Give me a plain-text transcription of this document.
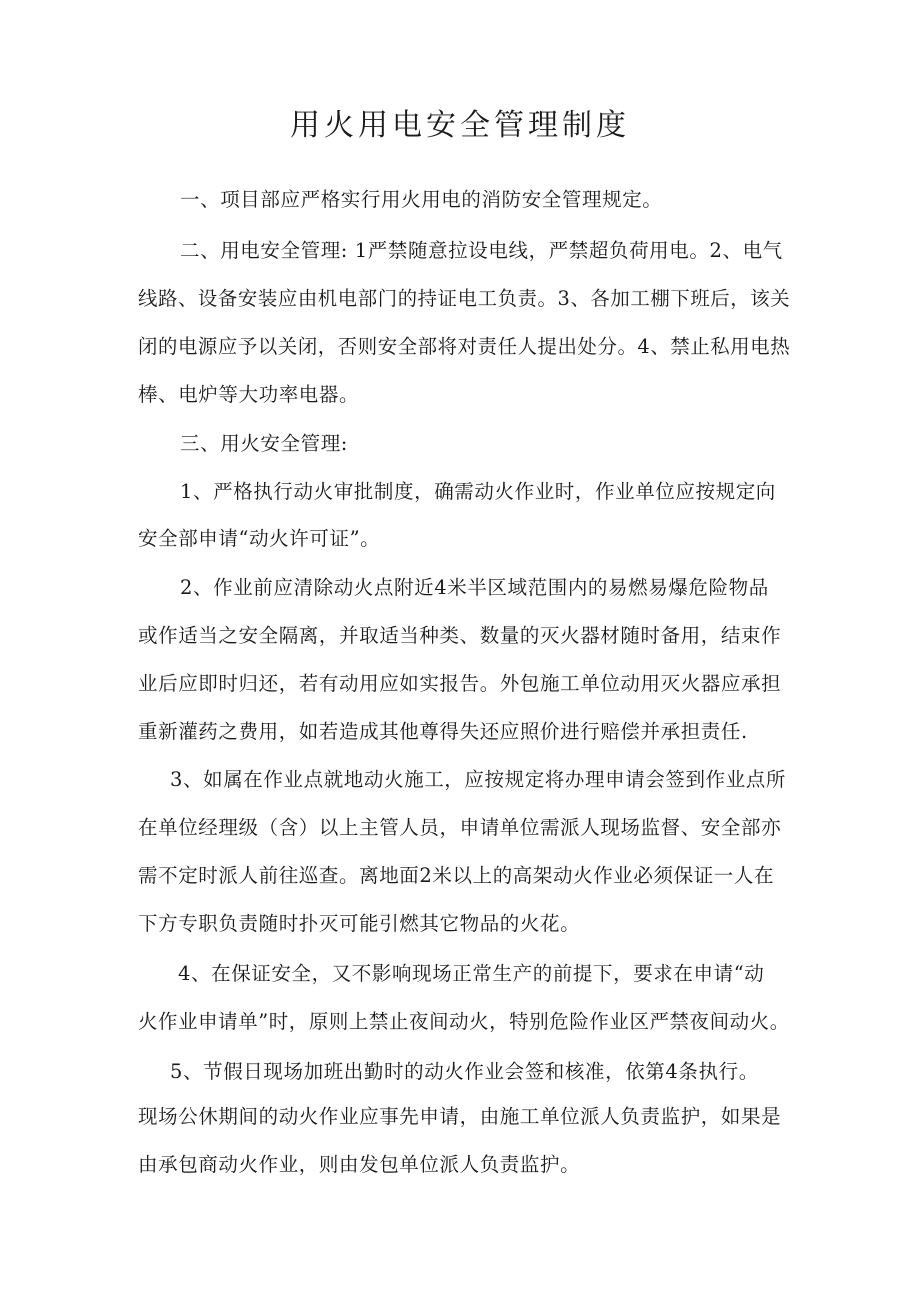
用火用电安全管理制度
一、项目部应严格实行用火用电的消防安全管理规定。
二、用电安全管理: 1严禁随意拉设电线，严禁超负荷用电。2、电气
线路、设备安装应由机电部门的持证电工负责。3、各加工棚下班后，该关
闭的电源应予以关闭，否则安全部将对责任人提出处分。4、禁止私用电热
棒、电炉等大功率电器。
三、用火安全管理:
1、严格执行动火审批制度，确需动火作业时，作业单位应按规定向
安全部申请“动火许可证”。
2、作业前应清除动火点附近4米半区域范围内的易燃易爆危险物品
或作适当之安全隔离，并取适当种类、数量的灭火器材随时备用，结束作
业后应即时归还，若有动用应如实报告。外包施工单位动用灭火器应承担
重新灌药之费用，如若造成其他尊得失还应照价进行赔偿并承担责任.
3、如属在作业点就地动火施工，应按规定将办理申请会签到作业点所
在单位经理级（含）以上主管人员，申请单位需派人现场监督、安全部亦
需不定时派人前往巡查。离地面2米以上的高架动火作业必须保证一人在
下方专职负责随时扑灭可能引燃其它物品的火花。
4、在保证安全，又不影响现场正常生产的前提下，要求在申请“动
火作业申请单”时，原则上禁止夜间动火，特别危险作业区严禁夜间动火。
5、节假日现场加班出勤时的动火作业会签和核准，依第4条执行。
现场公休期间的动火作业应事先申请，由施工单位派人负责监护，如果是
由承包商动火作业，则由发包单位派人负责监护。
